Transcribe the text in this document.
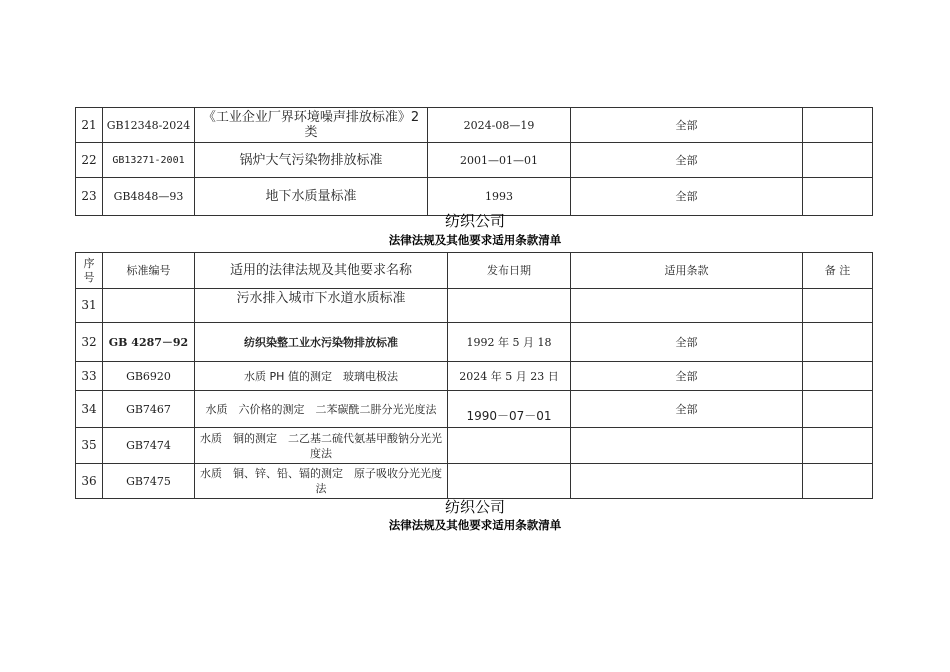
21	GB12348-2024	《工业企业厂界环境噪声排放标准》2 类	2024-08—19	全部	
22	GB13271-2001	锅炉大气污染物排放标准	2001—01—01	全部	
23	GB4848—93	地下水质量标准	1993	全部	
纺织公司
法律法规及其他要求适用条款清单
序号	标准编号	适用的法律法规及其他要求名称	发布日期	适用条款	备 注
31		污水排入城市下水道水质标准			
32	GB 4287－92	纺织染整工业水污染物排放标准	1992 年 5 月 18	全部	
33	GB6920	水质 PH 值的测定　玻璃电极法	2024 年 5 月 23 日	全部	
34	GB7467	水质　六价格的测定　二苯碳酰二肼分光光度法	1990－07－01	全部	
35	GB7474	水质　铜的测定　二乙基二硫代氨基甲酸钠分光光度法			
36	GB7475	水质　铜、锌、铅、镉的测定　原子吸收分光光度法			
纺织公司
法律法规及其他要求适用条款清单
